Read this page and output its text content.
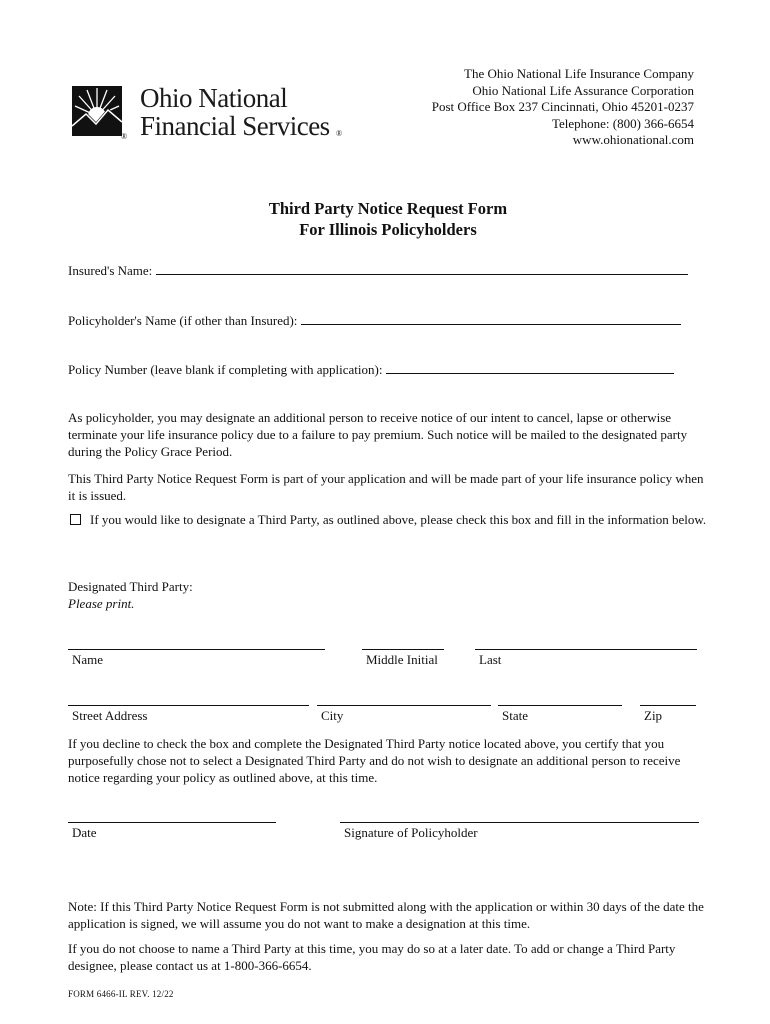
®
Ohio National
Financial Services ®
The Ohio National Life Insurance Company
Ohio National Life Assurance Corporation
Post Office Box 237 Cincinnati, Ohio 45201-0237
Telephone: (800) 366-6654
www.ohionational.com
Third Party Notice Request Form
For Illinois Policyholders
Insured's Name:
Policyholder's Name (if other than Insured):
Policy Number (leave blank if completing with application):
As policyholder, you may designate an additional person to receive notice of our intent to cancel, lapse or otherwise terminate your life insurance policy due to a failure to pay premium. Such notice will be mailed to the designated party during the Policy Grace Period.
This Third Party Notice Request Form is part of your application and will be made part of your life insurance policy when it is issued.
If you would like to designate a Third Party, as outlined above, please check this box and fill in the information below.
Designated Third Party:
Please print.
Name	Middle Initial	Last
Street Address	City	State	Zip
If you decline to check the box and complete the Designated Third Party notice located above, you certify that you purposefully chose not to select a Designated Third Party and do not wish to designate an additional person to receive notice regarding your policy as outlined above, at this time.
Date	Signature of Policyholder
Note: If this Third Party Notice Request Form is not submitted along with the application or within 30 days of the date the application is signed, we will assume you do not want to make a designation at this time.
If you do not choose to name a Third Party at this time, you may do so at a later date. To add or change a Third Party designee, please contact us at 1-800-366-6654.
FORM 6466-IL REV. 12/22
